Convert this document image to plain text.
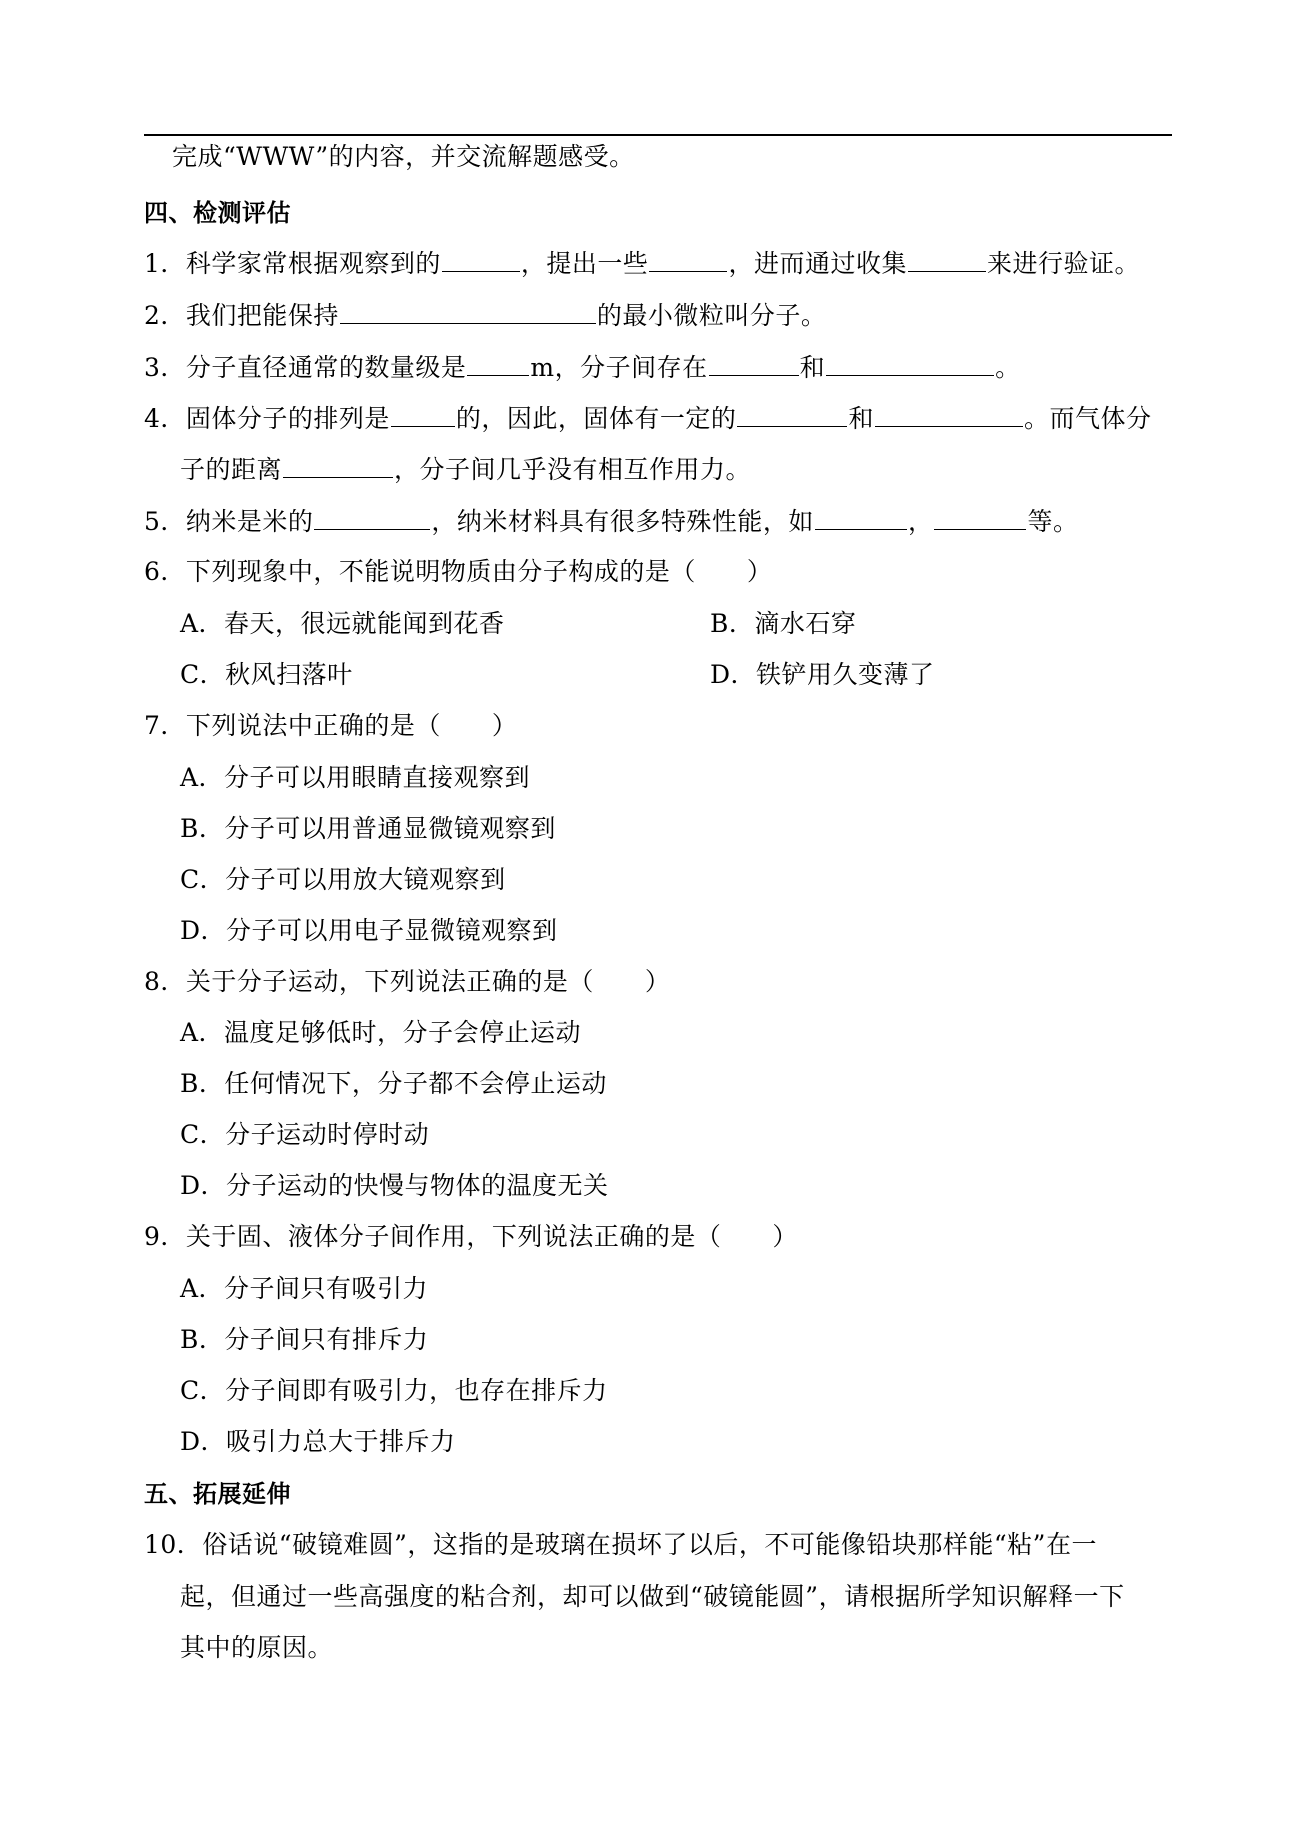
完成“WWW”的内容，并交流解题感受。
四、检测评估
1．科学家常根据观察到的	，提出一些	，进而通过收集	来进行验证。
2．我们把能保持	的最小微粒叫分子。
3．分子直径通常的数量级是	m，分子间存在	和	。
4．固体分子的排列是	的，因此，固体有一定的	和	。而气体分
子的距离	，分子间几乎没有相互作用力。
5．纳米是米的	，纳米材料具有很多特殊性能，如	，	等。
6．下列现象中，不能说明物质由分子构成的是（　　）
A．春天，很远就能闻到花香	B．滴水石穿
C．秋风扫落叶	D．铁铲用久变薄了
7．下列说法中正确的是（　　）
A．分子可以用眼睛直接观察到
B．分子可以用普通显微镜观察到
C．分子可以用放大镜观察到
D．分子可以用电子显微镜观察到
8．关于分子运动，下列说法正确的是（　　）
A．温度足够低时，分子会停止运动
B．任何情况下，分子都不会停止运动
C．分子运动时停时动
D．分子运动的快慢与物体的温度无关
9．关于固、液体分子间作用，下列说法正确的是（　　）
A．分子间只有吸引力
B．分子间只有排斥力
C．分子间即有吸引力，也存在排斥力
D．吸引力总大于排斥力
五、拓展延伸
10．俗话说“破镜难圆”，这指的是玻璃在损坏了以后，不可能像铅块那样能“粘”在一
起，但通过一些高强度的粘合剂，却可以做到“破镜能圆”，请根据所学知识解释一下
其中的原因。
